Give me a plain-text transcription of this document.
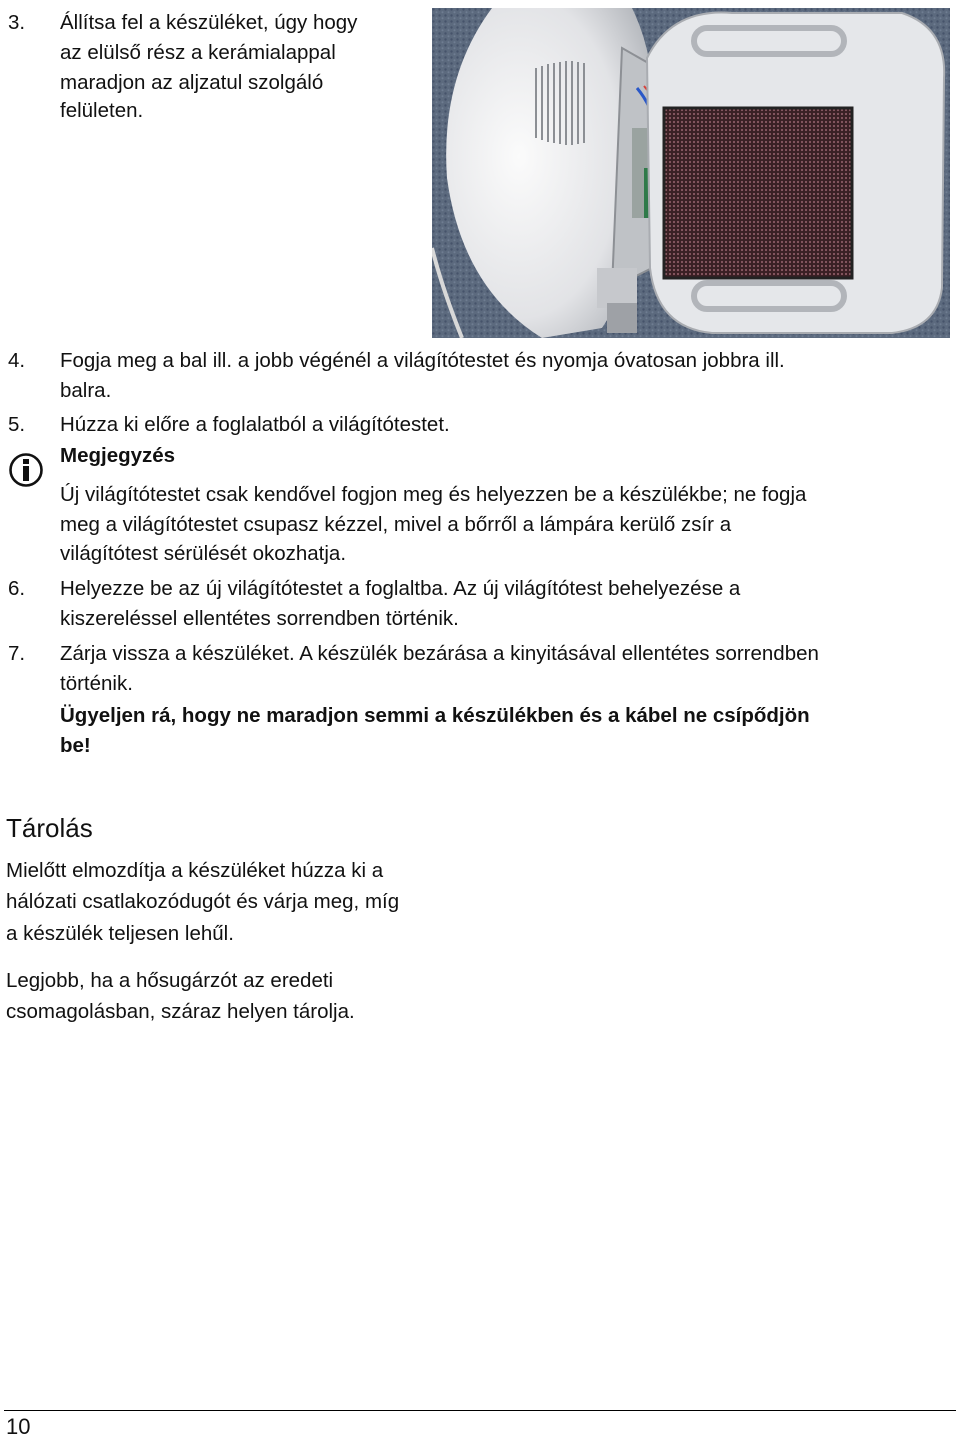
3. Állítsa fel a készüléket, úgy hogy
az elülső rész a kerámialappal
maradjon az aljzatul szolgáló
felületen.
4. Fogja meg a bal ill. a jobb végénél a világítótestet és nyomja óvatosan jobbra ill.
balra.
5. Húzza ki előre a foglalatból a világítótestet.
Megjegyzés
Új világítótestet csak kendővel fogjon meg és helyezzen be a készülékbe; ne fogja
meg a világítótestet csupasz kézzel, mivel a bőrről a lámpára kerülő zsír a
világítótest sérülését okozhatja.
6. Helyezze be az új világítótestet a foglaltba. Az új világítótest behelyezése a
kiszereléssel ellentétes sorrendben történik.
7. Zárja vissza a készüléket. A készülék bezárása a kinyitásával ellentétes sorrendben
történik.
Ügyeljen rá, hogy ne maradjon semmi a készülékben és a kábel ne csípődjön
be!
Tárolás
Mielőtt elmozdítja a készüléket húzza ki a
hálózati csatlakozódugót és várja meg, míg
a készülék teljesen lehűl.
Legjobb, ha a hősugárzót az eredeti
csomagolásban, száraz helyen tárolja.
10
